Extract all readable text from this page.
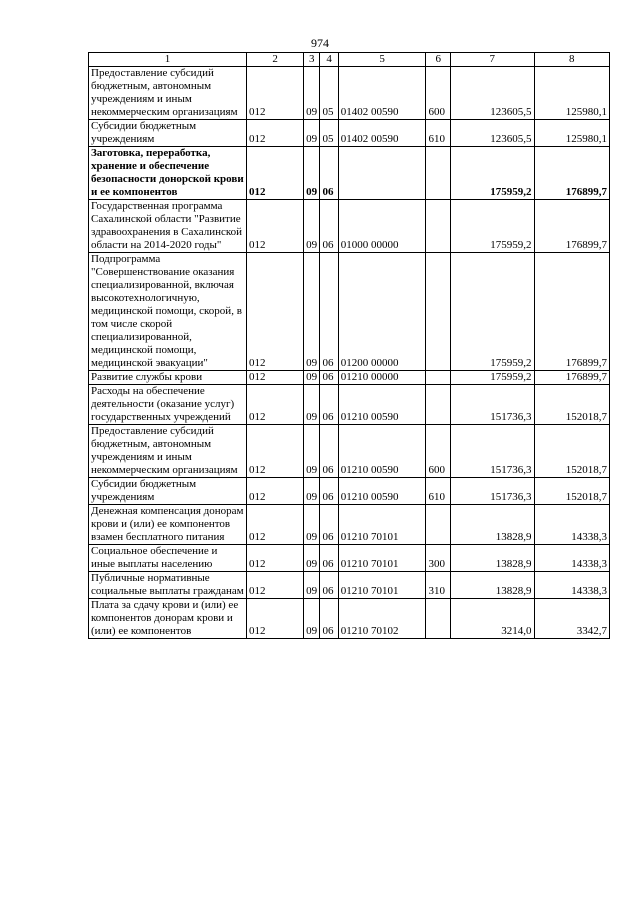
974
1	2	3	4	5	6	7	8
Предоставление субсидий бюджетным, автономным учреждениям и иным некоммерческим организациям	012	09	05	01402 00590	600	123605,5	125980,1
Субсидии бюджетным учреждениям	012	09	05	01402 00590	610	123605,5	125980,1
Заготовка, переработка, хранение и обеспечение безопасности донорской крови и ее компонентов	012	09	06			175959,2	176899,7
Государственная программа Сахалинской области "Развитие здравоохранения в Сахалинской области на 2014-2020 годы"	012	09	06	01000 00000		175959,2	176899,7
Подпрограмма "Совершенствование оказания специализированной, включая высокотехнологичную, медицинской помощи, скорой, в том числе скорой специализированной, медицинской помощи, медицинской эвакуации"	012	09	06	01200 00000		175959,2	176899,7
Развитие службы крови	012	09	06	01210 00000		175959,2	176899,7
Расходы на обеспечение деятельности (оказание услуг) государственных учреждений	012	09	06	01210 00590		151736,3	152018,7
Предоставление субсидий бюджетным, автономным учреждениям и иным некоммерческим организациям	012	09	06	01210 00590	600	151736,3	152018,7
Субсидии бюджетным учреждениям	012	09	06	01210 00590	610	151736,3	152018,7
Денежная компенсация донорам крови и (или) ее компонентов взамен бесплатного питания	012	09	06	01210 70101		13828,9	14338,3
Социальное обеспечение и иные выплаты населению	012	09	06	01210 70101	300	13828,9	14338,3
Публичные нормативные социальные выплаты гражданам	012	09	06	01210 70101	310	13828,9	14338,3
Плата за сдачу крови и (или) ее компонентов донорам крови и (или) ее компонентов	012	09	06	01210 70102		3214,0	3342,7
